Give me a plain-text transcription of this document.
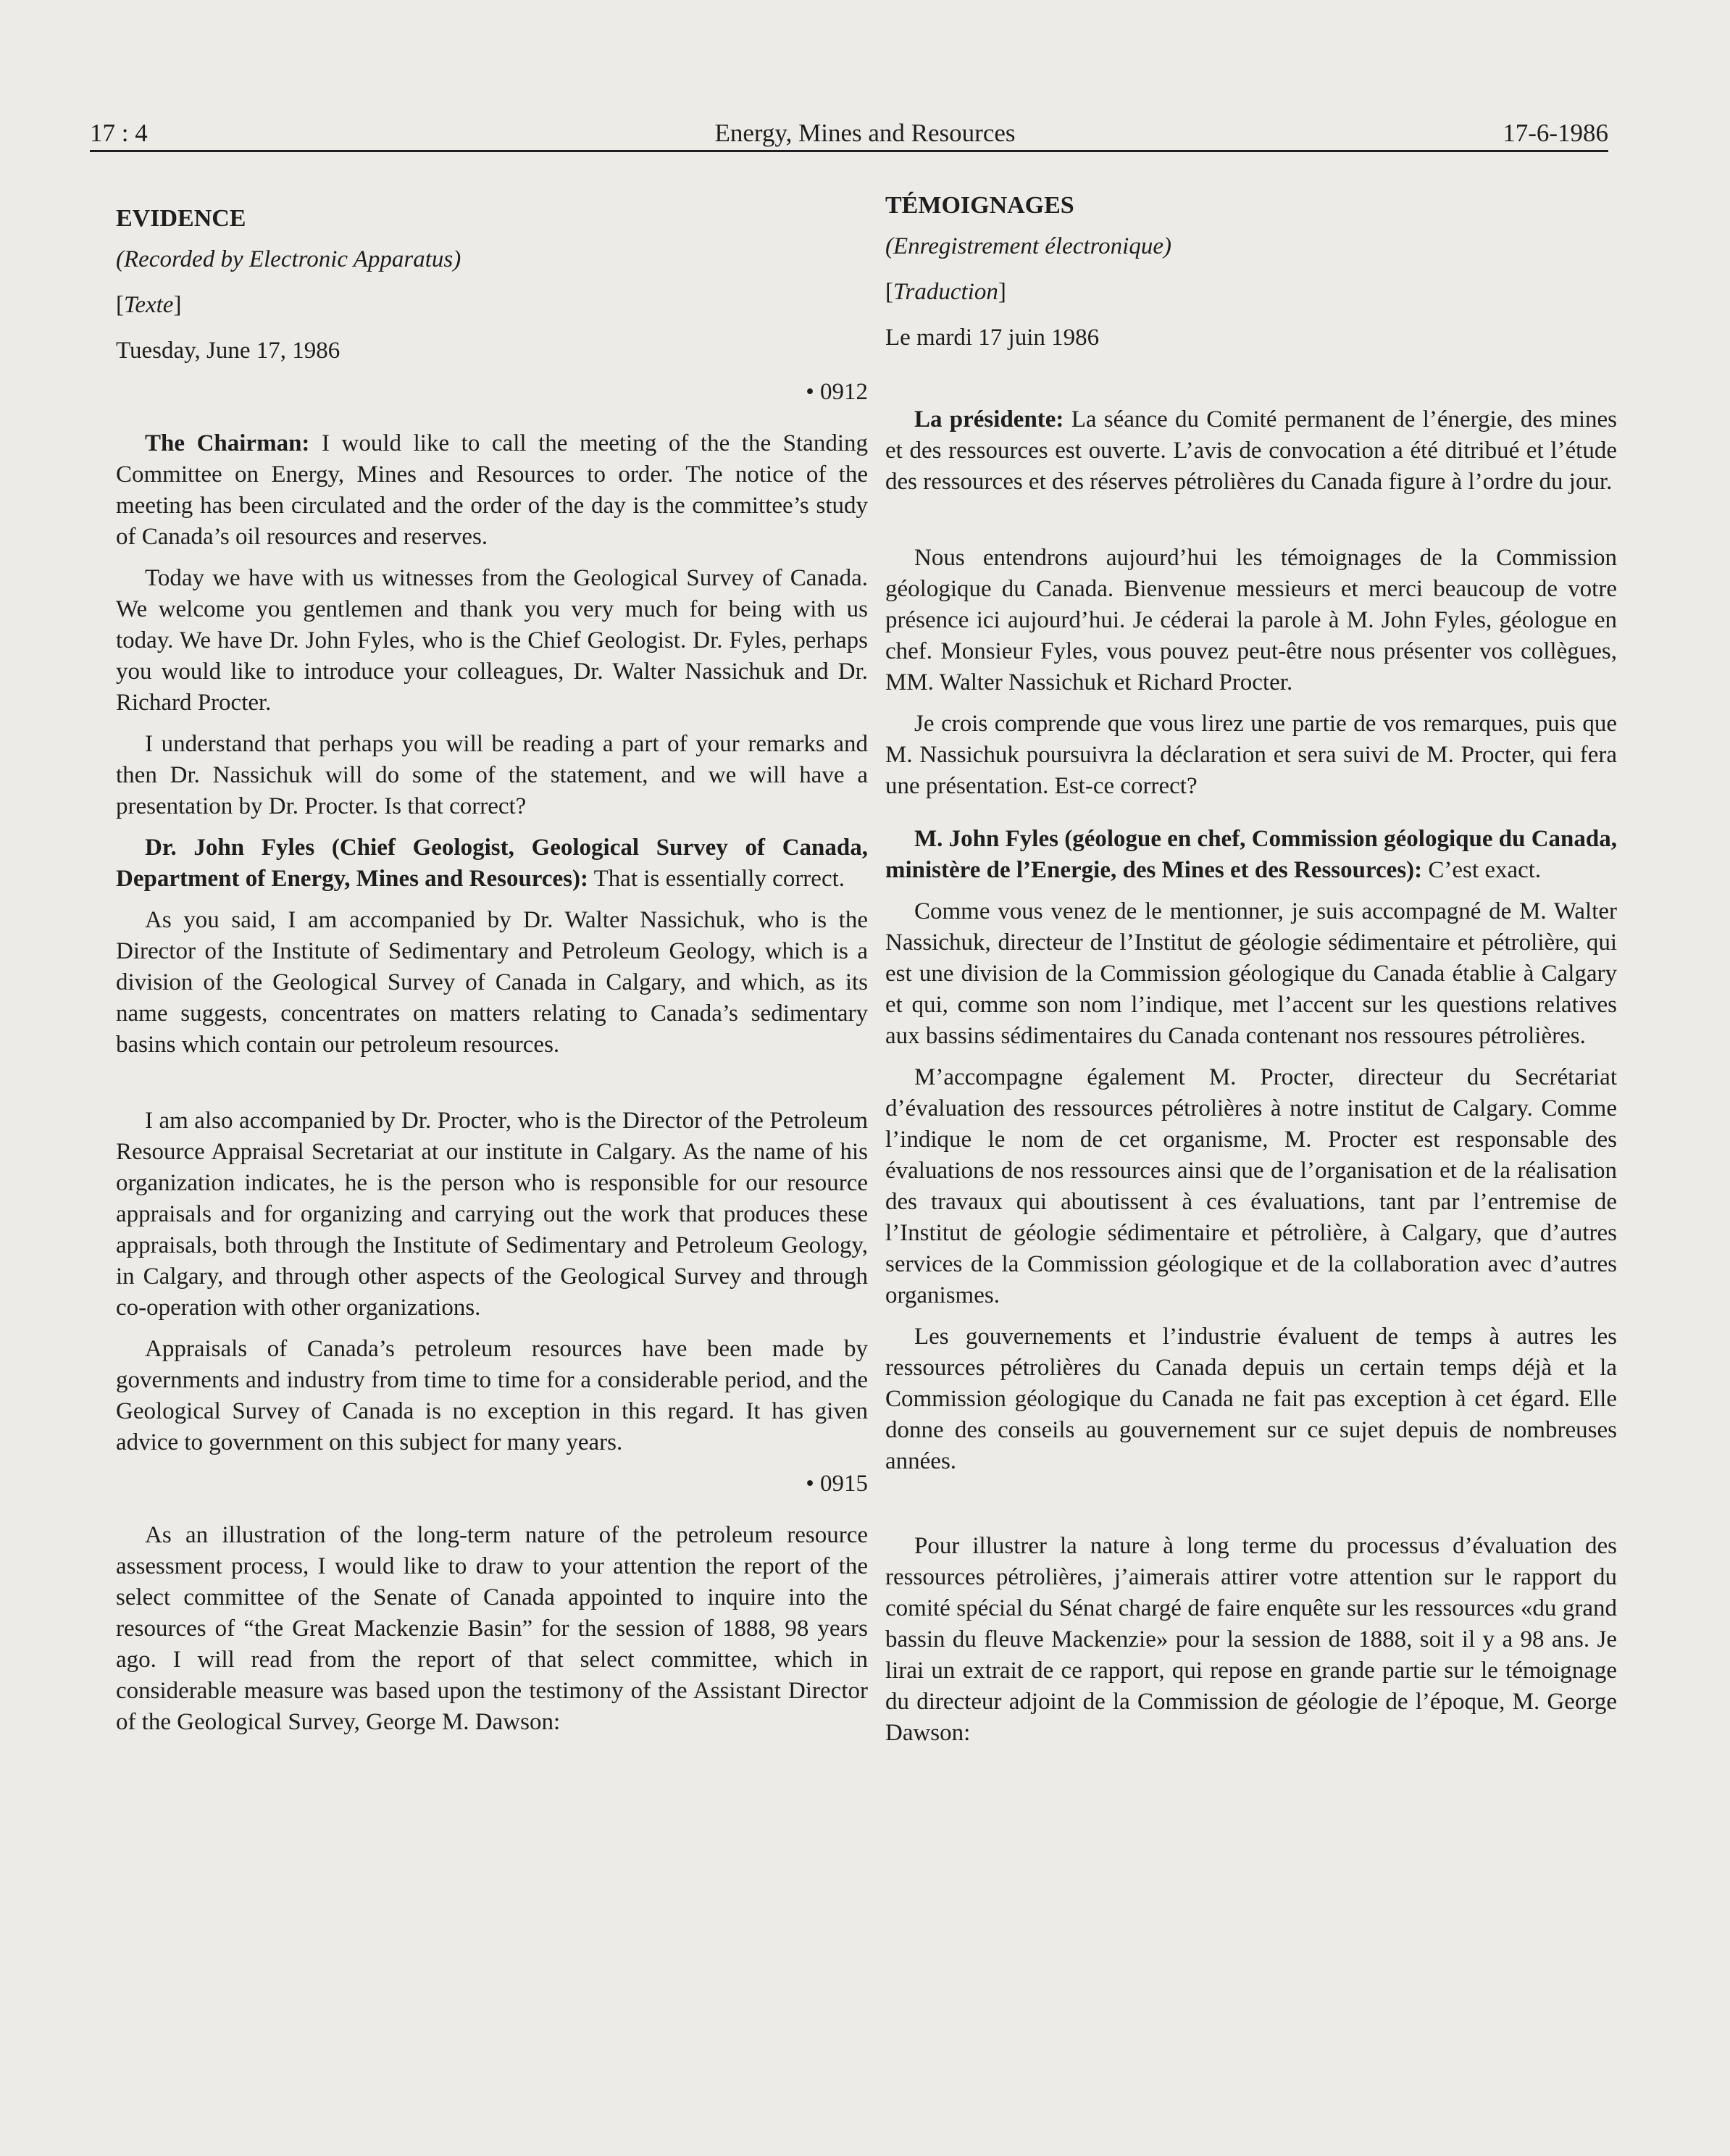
17 : 4	Energy, Mines and Resources	17-6-1986
EVIDENCE
(Recorded by Electronic Apparatus)
[Texte]
Tuesday, June 17, 1986
• 0912

The Chairman: I would like to call the meeting of the the Standing Committee on Energy, Mines and Resources to order. The notice of the meeting has been circulated and the order of the day is the committee’s study of Canada’s oil resources and reserves.

Today we have with us witnesses from the Geological Survey of Canada. We welcome you gentlemen and thank you very much for being with us today. We have Dr. John Fyles, who is the Chief Geologist. Dr. Fyles, perhaps you would like to introduce your colleagues, Dr. Walter Nassichuk and Dr. Richard Procter.

I understand that perhaps you will be reading a part of your remarks and then Dr. Nassichuk will do some of the statement, and we will have a presentation by Dr. Procter. Is that correct?

Dr. John Fyles (Chief Geologist, Geological Survey of Canada, Department of Energy, Mines and Resources): That is essentially correct.

As you said, I am accompanied by Dr. Walter Nassichuk, who is the Director of the Institute of Sedimentary and Petroleum Geology, which is a division of the Geological Survey of Canada in Calgary, and which, as its name suggests, concentrates on matters relating to Canada’s sedimentary basins which contain our petroleum resources.

I am also accompanied by Dr. Procter, who is the Director of the Petroleum Resource Appraisal Secretariat at our institute in Calgary. As the name of his organization indicates, he is the person who is responsible for our resource appraisals and for organizing and carrying out the work that produces these appraisals, both through the Institute of Sedimentary and Petroleum Geology, in Calgary, and through other aspects of the Geological Survey and through co-operation with other organizations.

Appraisals of Canada’s petroleum resources have been made by governments and industry from time to time for a considerable period, and the Geological Survey of Canada is no exception in this regard. It has given advice to government on this subject for many years.

• 0915

As an illustration of the long-term nature of the petroleum resource assessment process, I would like to draw to your attention the report of the select committee of the Senate of Canada appointed to inquire into the resources of “the Great Mackenzie Basin” for the session of 1888, 98 years ago. I will read from the report of that select committee, which in considerable measure was based upon the testimony of the Assistant Director of the Geological Survey, George M. Dawson:

TÉMOIGNAGES
(Enregistrement électronique)
[Traduction]
Le mardi 17 juin 1986

La présidente: La séance du Comité permanent de l’énergie, des mines et des ressources est ouverte. L’avis de convocation a été ditribué et l’étude des ressources et des réserves pétrolières du Canada figure à l’ordre du jour.

Nous entendrons aujourd’hui les témoignages de la Commission géologique du Canada. Bienvenue messieurs et merci beaucoup de votre présence ici aujourd’hui. Je céderai la parole à M. John Fyles, géologue en chef. Monsieur Fyles, vous pouvez peut-être nous présenter vos collègues, MM. Walter Nassichuk et Richard Procter.

Je crois comprende que vous lirez une partie de vos remarques, puis que M. Nassichuk poursuivra la déclaration et sera suivi de M. Procter, qui fera une présentation. Est-ce correct?

M. John Fyles (géologue en chef, Commission géologique du Canada, ministère de l’Energie, des Mines et des Ressources): C’est exact.

Comme vous venez de le mentionner, je suis accompagné de M. Walter Nassichuk, directeur de l’Institut de géologie sédimentaire et pétrolière, qui est une division de la Commission géologique du Canada établie à Calgary et qui, comme son nom l’indique, met l’accent sur les questions relatives aux bassins sédimentaires du Canada contenant nos ressoures pétrolières.

M’accompagne également M. Procter, directeur du Secrétariat d’évaluation des ressources pétrolières à notre institut de Calgary. Comme l’indique le nom de cet organisme, M. Procter est responsable des évaluations de nos ressources ainsi que de l’organisation et de la réalisation des travaux qui aboutissent à ces évaluations, tant par l’entremise de l’Institut de géologie sédimentaire et pétrolière, à Calgary, que d’autres services de la Commission géologique et de la collaboration avec d’autres organismes.

Les gouvernements et l’industrie évaluent de temps à autres les ressources pétrolières du Canada depuis un certain temps déjà et la Commission géologique du Canada ne fait pas exception à cet égard. Elle donne des conseils au gouvernement sur ce sujet depuis de nombreuses années.

Pour illustrer la nature à long terme du processus d’évaluation des ressources pétrolières, j’aimerais attirer votre attention sur le rapport du comité spécial du Sénat chargé de faire enquête sur les ressources «du grand bassin du fleuve Mackenzie» pour la session de 1888, soit il y a 98 ans. Je lirai un extrait de ce rapport, qui repose en grande partie sur le témoignage du directeur adjoint de la Commission de géologie de l’époque, M. George Dawson:
